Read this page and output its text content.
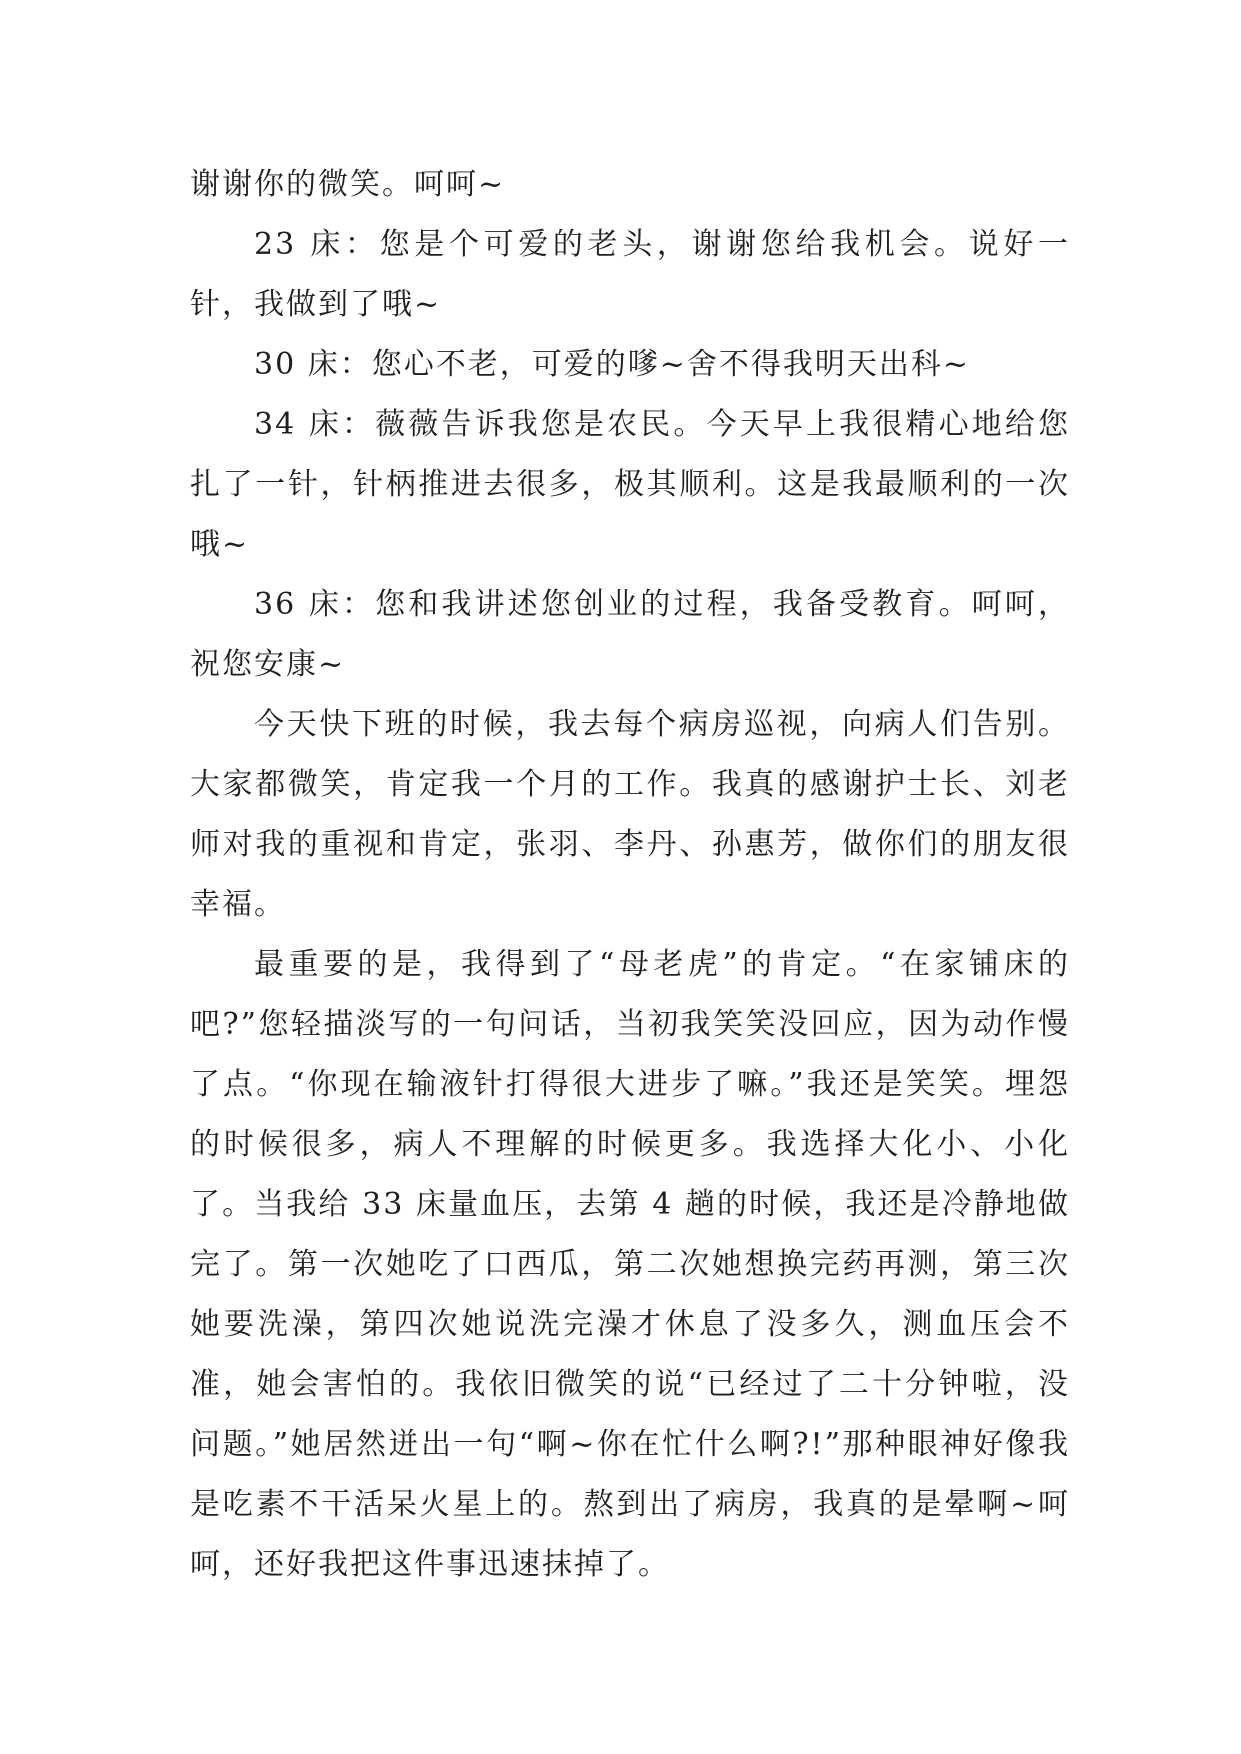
谢谢你的微笑。呵呵~

23 床：您是个可爱的老头，谢谢您给我机会。说好一针，我做到了哦~

30 床：您心不老，可爱的嗲~舍不得我明天出科~

34 床：薇薇告诉我您是农民。今天早上我很精心地给您扎了一针，针柄推进去很多，极其顺利。这是我最顺利的一次哦~

36 床：您和我讲述您创业的过程，我备受教育。呵呵，祝您安康~

今天快下班的时候，我去每个病房巡视，向病人们告别。大家都微笑，肯定我一个月的工作。我真的感谢护士长、刘老师对我的重视和肯定，张羽、李丹、孙惠芳，做你们的朋友很幸福。

最重要的是，我得到了“母老虎”的肯定。“在家铺床的吧?”您轻描淡写的一句问话，当初我笑笑没回应，因为动作慢了点。“你现在输液针打得很大进步了嘛。”我还是笑笑。埋怨的时候很多，病人不理解的时候更多。我选择大化小、小化了。当我给 33 床量血压，去第 4 趟的时候，我还是冷静地做完了。第一次她吃了口西瓜，第二次她想换完药再测，第三次她要洗澡，第四次她说洗完澡才休息了没多久，测血压会不准，她会害怕的。我依旧微笑的说“已经过了二十分钟啦，没问题。”她居然迸出一句“啊~你在忙什么啊?!”那种眼神好像我是吃素不干活呆火星上的。熬到出了病房，我真的是晕啊~呵呵，还好我把这件事迅速抹掉了。
